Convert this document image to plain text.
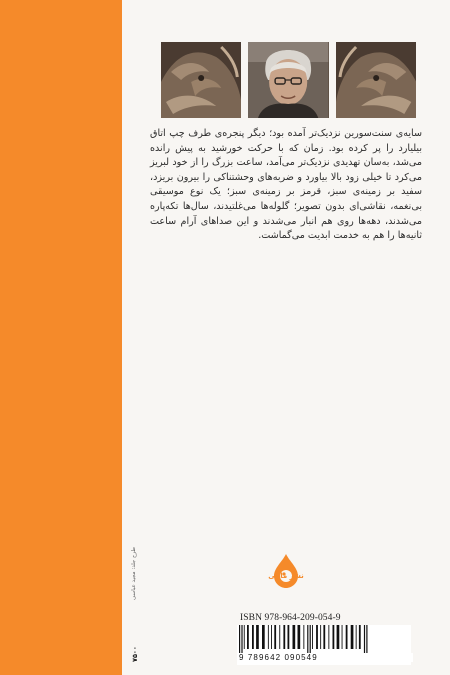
سایه‌ی سنت‌سورین نزدیک‌تر آمده بود؛ دیگر پنجره‌ی طرف چپ اتاق بیلیارد را پر کرده بود. زمان که با حرکت خورشید به پیش رانده می‌شد، به‌سان تهدیدی نزدیک‌تر می‌آمد، ساعت بزرگ را از خود لبریز می‌کرد تا خیلی زود بالا بیاورد و ضربه‌های وحشتناکی را بیرون بریزد، سفید بر زمینه‌ی سبز، قرمز بر زمینه‌ی سبز؛ یک نوع موسیقی بی‌نغمه، نقاشی‌ای بدون تصویر؛ گلوله‌ها می‌غلتیدند، سال‌ها تکه‌پاره می‌شدند، دهه‌ها روی هم انبار می‌شدند و این صداهای آرام ساعت ثانیه‌ها را هم به خدمت ابدیت می‌گماشت.

نشر ماهی
ISBN 978-964-209-054-9
9 789642 090549
طرح جلد: مجید عباسی
۷۵۰۰
